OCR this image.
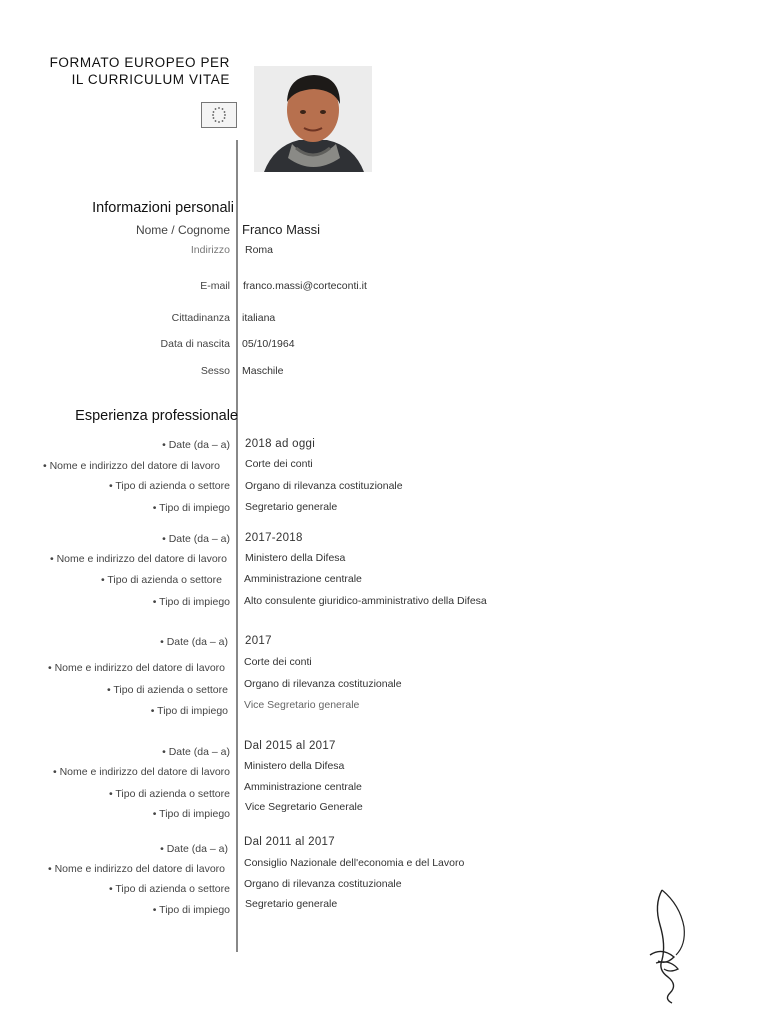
FORMATO EUROPEO PER
IL CURRICULUM VITAE
Informazioni personali
Nome / Cognome Franco Massi
Indirizzo Roma
E-mail franco.massi@corteconti.it
Cittadinanza italiana
Data di nascita 05/10/1964
Sesso Maschile
Esperienza professionale
• Date (da – a) 2018 ad oggi
• Nome e indirizzo del datore di lavoro Corte dei conti
• Tipo di azienda o settore Organo di rilevanza costituzionale
• Tipo di impiego Segretario generale
• Date (da – a) 2017-2018
• Nome e indirizzo del datore di lavoro Ministero della Difesa
• Tipo di azienda o settore Amministrazione centrale
• Tipo di impiego Alto consulente giuridico-amministrativo della Difesa
• Date (da – a) 2017
• Nome e indirizzo del datore di lavoro Corte dei conti
• Tipo di azienda o settore Organo di rilevanza costituzionale
• Tipo di impiego Vice Segretario generale
• Date (da – a) Dal 2015 al 2017
• Nome e indirizzo del datore di lavoro Ministero della Difesa
• Tipo di azienda o settore
Amministrazione centrale
• Tipo di impiego
Vice Segretario Generale
• Date (da – a)
Dal 2011 al 2017
• Nome e indirizzo del datore di lavoro Consiglio Nazionale dell'economia e del Lavoro
• Tipo di azienda o settore Organo di rilevanza costituzionale
• Tipo di impiego Segretario generale
